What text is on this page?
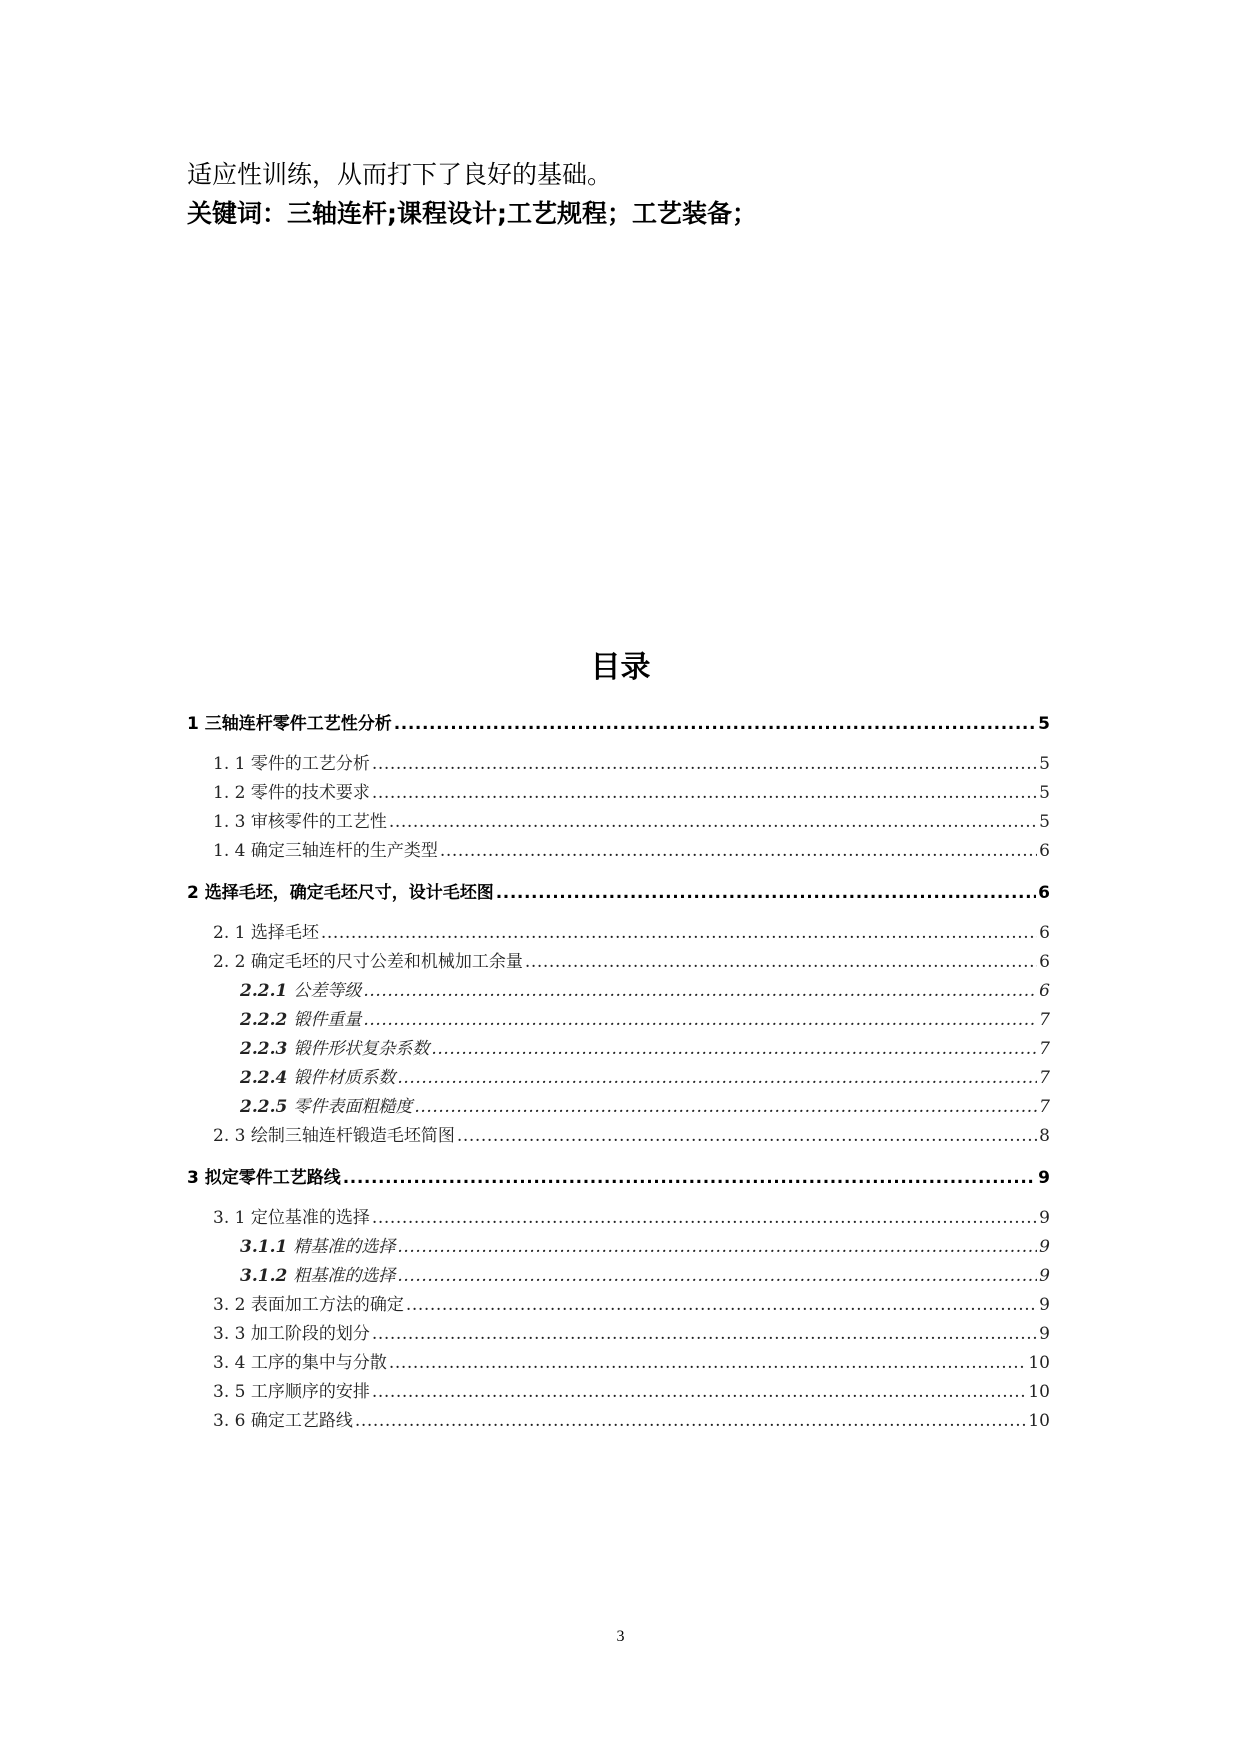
适应性训练，从而打下了良好的基础。
关键词：三轴连杆;课程设计;工艺规程；工艺装备；
目录
1 三轴连杆零件工艺性分析 .....	5
1. 1 零件的工艺分析 .....	5
1. 2 零件的技术要求 .....	5
1. 3 审核零件的工艺性 .....	5
1. 4 确定三轴连杆的生产类型 .....	6
2 选择毛坯，确定毛坯尺寸，设计毛坯图 .....	6
2. 1 选择毛坯 .....	6
2. 2 确定毛坯的尺寸公差和机械加工余量 .....	6
2.2.1 公差等级 .....	6
2.2.2 锻件重量 .....	7
2.2.3 锻件形状复杂系数 .....	7
2.2.4 锻件材质系数 .....	7
2.2.5 零件表面粗糙度 .....	7
2. 3 绘制三轴连杆锻造毛坯简图 .....	8
3 拟定零件工艺路线 .....	9
3. 1 定位基准的选择 .....	9
3.1.1 精基准的选择 .....	9
3.1.2 粗基准的选择 .....	9
3. 2 表面加工方法的确定 .....	9
3. 3 加工阶段的划分 .....	9
3. 4 工序的集中与分散 .....	10
3. 5 工序顺序的安排 .....	10
3. 6 确定工艺路线 .....	10
3
